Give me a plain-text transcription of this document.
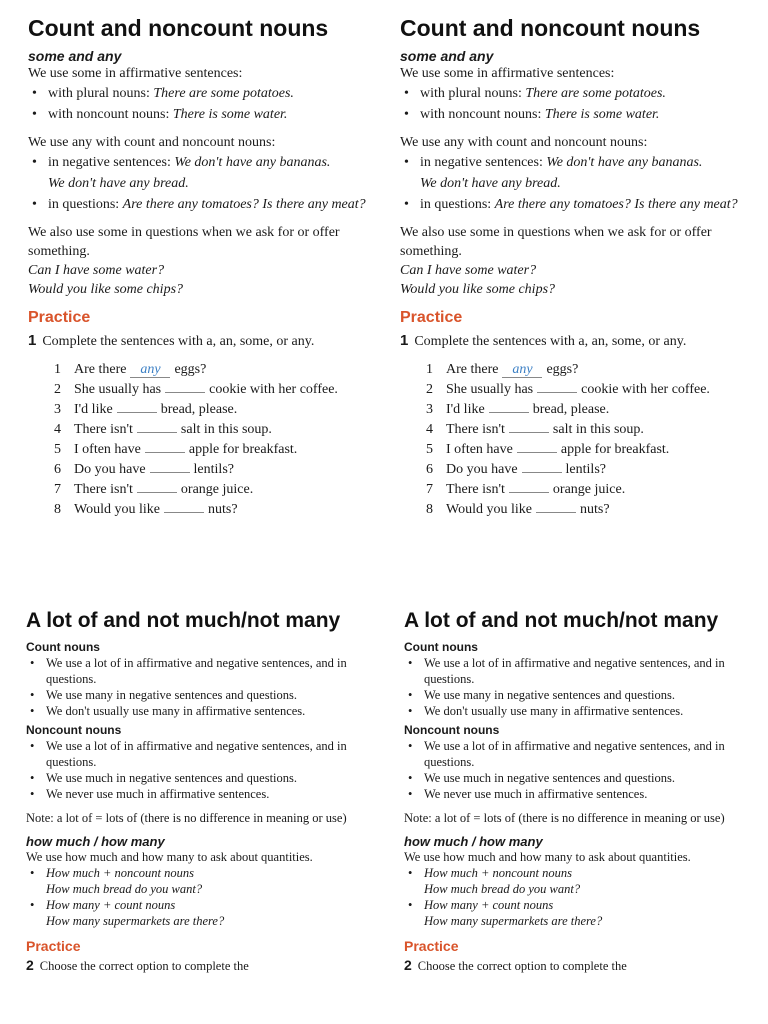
Count and noncount nouns
some and any

We use some in affirmative sentences:

• with plural nouns: There are some potatoes.
• with noncount nouns: There is some water.

We use any with count and noncount nouns:

• in negative sentences: We don't have any bananas.
We don't have any bread.
• in questions: Are there any tomatoes? Is there any meat?

We also use some in questions when we ask for or offer something.

Can I have some water?

Would you like some chips?

Practice
1 Complete the sentences with a, an, some, or any.
1 Are there any eggs?
2 She usually has	cookie with her coffee.
3 I'd like	bread, please.
4 There isn't	salt in this soup.
5 I often have	apple for breakfast.
6 Do you have	lentils?
7 There isn't	orange juice.
8 Would you like	nuts?
Count and noncount nouns
some and any

We use some in affirmative sentences:

• with plural nouns: There are some potatoes.
• with noncount nouns: There is some water.

We use any with count and noncount nouns:

• in negative sentences: We don't have any bananas.
We don't have any bread.
• in questions: Are there any tomatoes? Is there any meat?

We also use some in questions when we ask for or offer something.

Can I have some water?

Would you like some chips?

Practice
1 Complete the sentences with a, an, some, or any.
1 Are there any eggs?
2 She usually has	cookie with her coffee.
3 I'd like	bread, please.
4 There isn't	salt in this soup.
5 I often have	apple for breakfast.
6 Do you have	lentils?
7 There isn't	orange juice.
8 Would you like	nuts?
A lot of and not much/not many
Count nouns
• We use a lot of in affirmative and negative sentences, and in questions.
• We use many in negative sentences and questions.
• We don't usually use many in affirmative sentences.
Noncount nouns
• We use a lot of in affirmative and negative sentences, and in questions.
• We use much in negative sentences and questions.
• We never use much in affirmative sentences.

Note: a lot of = lots of (there is no difference in meaning or use)

how much / how many

We use how much and how many to ask about quantities.

• How much + noncount nouns
How much bread do you want?
• How many + count nouns
How many supermarkets are there?
Practice
2 Choose the correct option to complete the
A lot of and not much/not many
Count nouns
• We use a lot of in affirmative and negative sentences, and in questions.
• We use many in negative sentences and questions.
• We don't usually use many in affirmative sentences.
Noncount nouns
• We use a lot of in affirmative and negative sentences, and in questions.
• We use much in negative sentences and questions.
• We never use much in affirmative sentences.

Note: a lot of = lots of (there is no difference in meaning or use)

how much / how many

We use how much and how many to ask about quantities.

• How much + noncount nouns
How much bread do you want?
• How many + count nouns
How many supermarkets are there?
Practice
2 Choose the correct option to complete the
